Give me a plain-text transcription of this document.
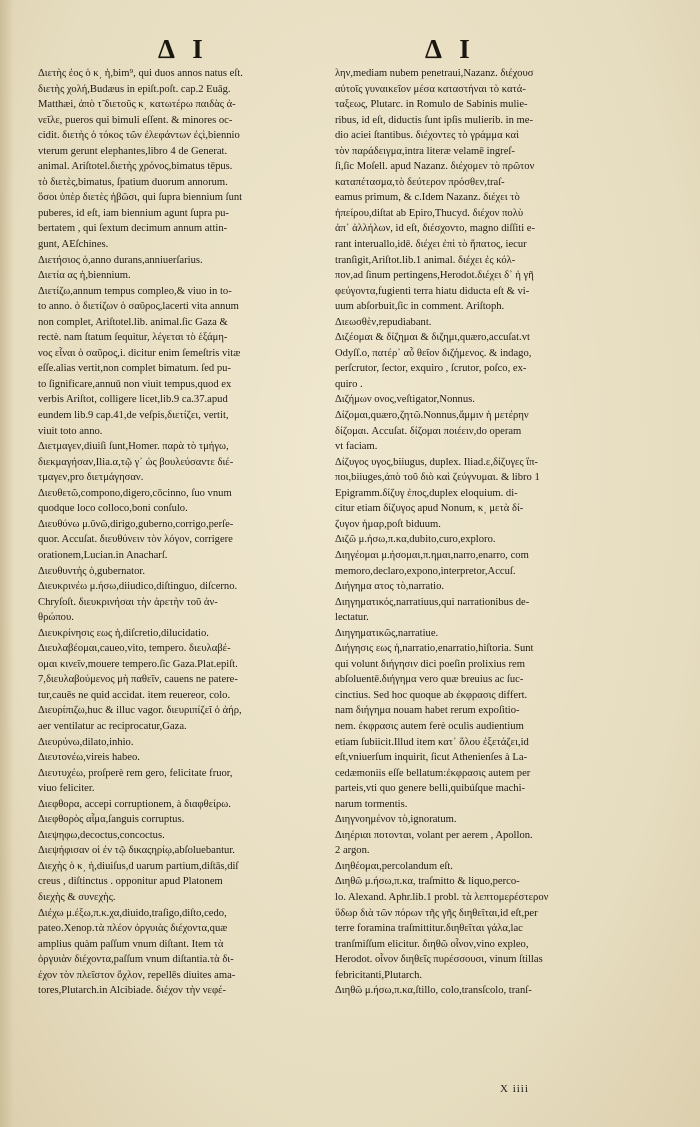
Δ Ι	Δ Ι
Διετὴς ἐος ὁ κ͵ ἡ,bim⁹, qui duos annos natus eſt.
διετὴς χολή,Budæus in epiſt.poſt. cap.2 Euāg.
Matthæi, ἀπὸ τ̃ διετοῦς κ͵ κατωτέρω παιδὰς ἀ-
νεῖλε, pueros qui bimuli eſſent. & minores oc-
cidit. διετὴς ὁ τόκος τῶν ἐλεφάντων ἐϛὶ,biennio
vterum gerunt elephantes,libro 4 de Generat.
animal. Ariſtotel.διετὴς χρόνος,bimatus tēpus.
τὸ διετὲς,bimatus, ſpatium duorum annorum.
ὅσοι ὑπὲρ διετὲς ἡβῶσι, qui ſupra biennium ſunt
puberes, id eſt, iam biennium agunt ſupra pu-
bertatem , qui ſextum decimum annum attin-
gunt, AEſchines.
Διετήσιος ὁ,anno durans,anniuerſarius.
Διετία ας ἡ,biennium.
Διετίζω,annum tempus compleo,& viuo in to-
to anno. ὁ διετίζων ὁ σαῦρος,lacerti vita annum
non complet, Ariſtotel.lib. animal.ſic Gaza &
rectè. nam ſtatum ſequitur, λέγεται τὸ ἑξάμη-
νος εἶναι ὁ σαῦρος,i. dicitur enim ſemeſtris vitæ
eſſe.alias vertit,non complet bimatum. ſed pu-
to ſignificare,annuū non viuit tempus,quod ex
verbis Ariſtot, colligere licet,lib.9 ca.37.apud
eundem lib.9 cap.41,de veſpis,διετίζει, vertit,
viuit toto anno.
Διετμαγεν,diuiſi ſunt,Homer. παρὰ τὸ τμήγω,
διεκμαγήσαν,Ilia.α,τῷ γ᾽ ὡς βουλεύσαντε διέ-
τμαγεν,pro διετμάγησαν.
Διευθετῶ,compono,digero,cōcinno, ſuo vnum
quodque loco colloco,boni conſulo.
Διευθύνω μ.ῦνῶ,dirigo,guberno,corrigo,perſe-
quor. Accuſat. διευθύνειν τὸν λόγον, corrigere
orationem,Lucian.in Anacharſ.
Διευθυντὴς ὁ,gubernator.
Διευκρινέω μ.ήσω,diiudico,diſtinguo, diſcerno.
Chryſoſt. διευκρινήσαι τὴν ἀρετὴν τοῦ ἀν-
θρώπου.
Διευκρίνησις εως ἡ,diſcretio,dilucidatio.
Διευλαβέομαι,caueo,vito, tempero. διευλαβέ-
ομαι κινεῖν,mouere tempero.ſic Gaza.Plat.epiſt.
7,διευλαβούμενος μὴ παθεῖν, cauens ne patere-
tur,cauēs ne quid accidat. item reuereor, colo.
Διευρίπιζω,huc & illuc vagor. διευριπίζεῖ ὁ ἀήρ,
aer ventilatur ac reciprocatur,Gaza.
Διευρύνω,dilato,inhio.
Διευτονέω,vireis habeo.
Διευτυχέω, proſperè rem gero, felicitate fruor,
viuo feliciter.
Διεφθορα, accepi corruptionem, à διαφθείρω.
Διεφθορὸς αἷμα,ſanguis corruptus.
Διεψηφω,decoctus,concoctus.
Διεψήφισαν οἱ ἐν τῷ δικαςηρίῳ,abſoluebantur.
Διεχὴς ὁ κ͵ ἡ,diuiſus,d uarum partium,diſtās,diſ
creus , diſtinctus . opponitur apud Platonem
διεχὴς & συνεχὴς.
Διέχω μ.έξω,π.κ.χα,diuido,traſigo,diſto,cedo,
pateo.Xenop.τὰ πλέον ὀργυιὰς διέχοντα,quæ
amplius quàm paſſum vnum diſtant. Item τὰ
ὀργυιὰν διέχοντα,paſſum vnum diſtantia.τὰ δι-
έχον τὸν πλεῖστον ὄχλον, repellēs diuites ama-
tores,Plutarch.in Alcibiade. διέχον τὴν νεφέ-
λην,mediam nubem penetraui,Nazanz. διέχουσ
αὐτοῖς γυναικεῖον μέσα καταστήναι τὸ κατά-
ταξεως, Plutarc. in Romulo de Sabinis mulie-
ribus, id eſt, diductis ſunt ipſis mulierib. in me-
dio aciei ſtantibus. διέχοντες τὸ γράμμα καὶ
τὸν παράδειγμα,intra literæ velamē ingreſ-
ſi,ſic Moſell. apud Nazanz. διέχομεν τὸ πρῶτον
καταπέτασμα,τὸ δεύτερον πρόσθεν,traſ-
eamus primum, & c.Idem Nazanz. διέχει τὸ
ἠπείρου,diſtat ab Epiro,Thucyd. διέχον πολὺ
ἀπ᾽ ἀλλήλων, id eſt, διέσχοντο, magno diſſiti e-
rant interuallo,idē. διέχει ἐπὶ τὸ ἥπατος, iecur
tranſigit,Ariſtot.lib.1 animal. διέχει ἐς κόλ-
πον,ad ſinum pertingens,Herodot.διέχει δ᾽ ἡ γῆ
φεύγοντα,fugienti terra hiatu diducta eſt & vi-
uum abſorbuit,ſic in comment. Ariſtoph.
Διεωσθὲν,repudiabant.
Διζέομαι & δίζημαι & διζημι,quæro,accuſat.vt
Odyſſ.ο, πατέρ᾽ αὖ θεῖον διζήμενος. & indago,
perſcrutor, ſector, exquiro , ſcrutor, poſco, ex-
quiro .
Διζήμων ονος,veſtigator,Nonnus.
Δίζομαι,quæro,ζητῶ.Nonnus,ἄμμιν ἡ μετέρην
δίζομαι. Accuſat. δίζομαι ποιέειν,do operam
vt faciam.
Δίζυγος υγος,biiugus, duplex. Iliad.ε,δίζυγες ἵπ-
ποι,biiuges,ἀπὸ τοῦ διὸ καὶ ζεύγνυμαι. & libro 1
Epigramm.δίζυγ ἐπος,duplex eloquium. di-
citur etiam δίζυγος apud Nonum, κ͵ μετὰ δί-
ζυγον ἡμαρ,poſt biduum.
Διζῶ μ.ήσω,π.κα,dubito,curo,exploro.
Διηγέομαι μ.ήσομαι,π.ημαι,narro,enarro, com
memoro,declaro,expono,interpretor,Accuſ.
Διήγημα ατος τὸ,narratio.
Διηγηματικός,narratiuus,qui narrationibus de-
lectatur.
Διηγηματικῶς,narratiue.
Διήγησις εως ἡ,narratio,enarratio,hiſtoria. Sunt
qui volunt διήγησιν dici poeſin prolixius rem
abſoluentē.διήγημα vero quæ breuius ac ſuc-
cinctius. Sed hoc quoque ab ἐκφρασις differt.
nam διήγημα nouam habet rerum expoſitio-
nem. ἐκφρασις autem ferè oculis audientium
etiam ſubiicit.Illud item κατ᾽ ὅλου ἐξετάζει,id
eſt,vniuerſum inquirit, ſicut Athenienſes à La-
cedæmoniis eſſe bellatum:ἐκφρασις autem per
parteis,vti quo genere belli,quibúſque machi-
narum tormentis.
Διηγνοημένον τὸ,ignoratum.
Διηέριαι ποτονται, volant per aerem , Apollon.
2 argon.
Διηθέομαι,percolandum eſt.
Διηθῶ μ.ήσω,π.κα, traſmitto & liquo,perco-
lo. Alexand. Aphr.lib.1 probl. τὰ λεπτομερέστερον
ὕδωρ διὰ τῶν πόρων τῆς γῆς διηθεῖται,id eſt,per
terre foramina traſmittitur.διηθεῖται γάλα,lac
tranſmiſſum elicitur. διηθῶ οἶνον,vino expleo,
Herodot. οἶνον διηθεῖς πυρέσσουσι, vinum ſtillas
febricitanti,Plutarch.
Διηθῶ μ.ήσω,π.κα,ſtillo, colo,transſcolo, tranſ-
X iiii
